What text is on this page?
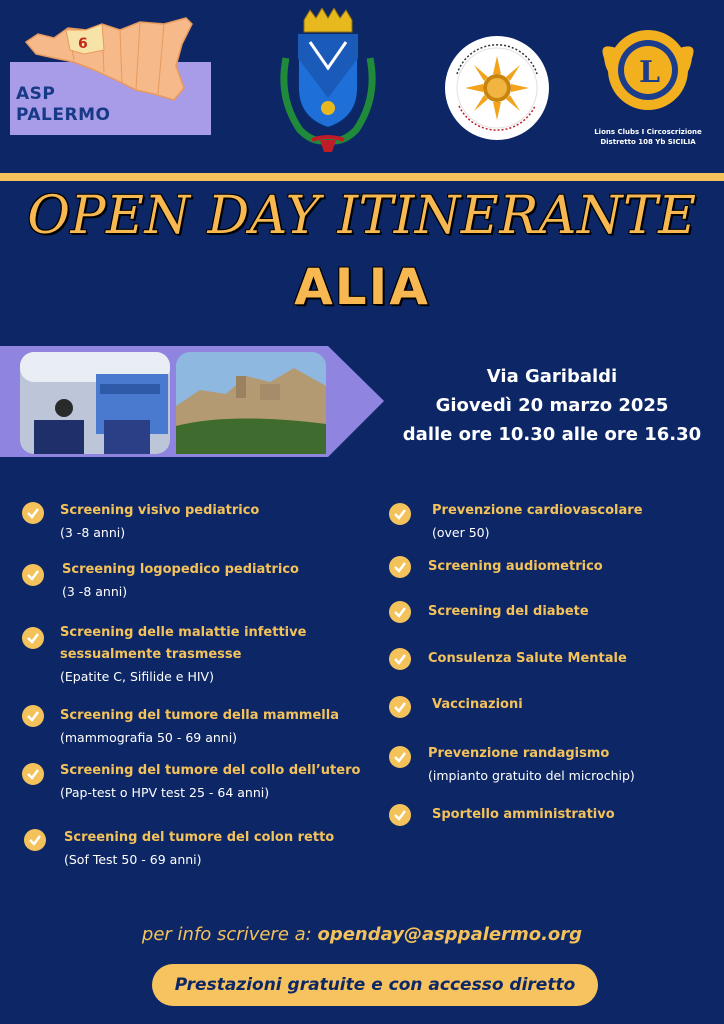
6
ASP
PALERMO
L
Lions Clubs I Circoscrizione
Distretto 108 Yb SICILIA
OPEN DAY ITINERANTE
ALIA
Via Garibaldi
Giovedì 20 marzo 2025
dalle ore 10.30 alle ore 16.30
Screening visivo pediatrico
(3 -8 anni)
Screening logopedico pediatrico
(3 -8 anni)
Screening delle malattie infettive
sessualmente trasmesse
(Epatite C, Sifilide e HIV)
Screening del tumore della mammella
(mammografia 50 - 69 anni)
Screening del tumore del collo dell’utero
(Pap-test o HPV test 25 - 64 anni)
Screening del tumore del colon retto
(Sof Test 50 - 69 anni)
Prevenzione cardiovascolare
(over 50)
Screening audiometrico
Screening del diabete
Consulenza Salute Mentale
Vaccinazioni
Prevenzione randagismo
(impianto gratuito del microchip)
Sportello amministrativo
per info scrivere a: openday@asppalermo.org
Prestazioni gratuite e con accesso diretto
